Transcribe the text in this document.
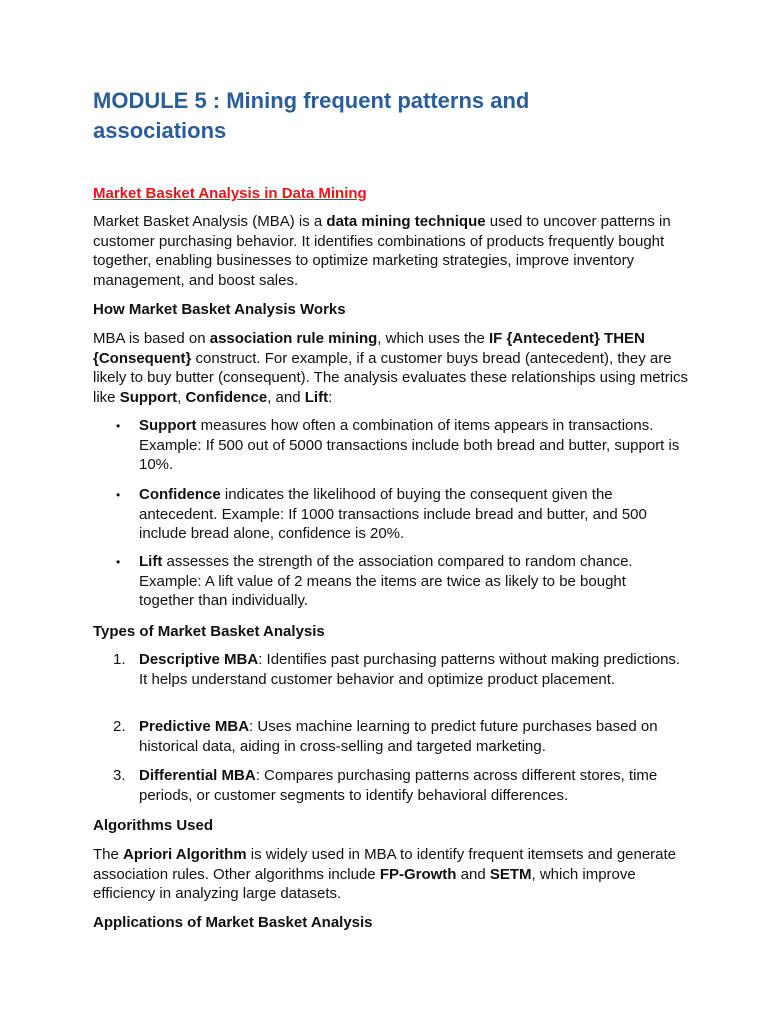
MODULE 5 : Mining frequent patterns and associations

Market Basket Analysis in Data Mining

Market Basket Analysis (MBA) is a data mining technique used to uncover patterns in customer purchasing behavior. It identifies combinations of products frequently bought together, enabling businesses to optimize marketing strategies, improve inventory management, and boost sales.

How Market Basket Analysis Works

MBA is based on association rule mining, which uses the IF {Antecedent} THEN {Consequent} construct. For example, if a customer buys bread (antecedent), they are likely to buy butter (consequent). The analysis evaluates these relationships using metrics like Support, Confidence, and Lift:

• Support measures how often a combination of items appears in transactions. Example: If 500 out of 5000 transactions include both bread and butter, support is 10%.

• Confidence indicates the likelihood of buying the consequent given the antecedent. Example: If 1000 transactions include bread and butter, and 500 include bread alone, confidence is 20%.

• Lift assesses the strength of the association compared to random chance. Example: A lift value of 2 means the items are twice as likely to be bought together than individually.

Types of Market Basket Analysis

1. Descriptive MBA: Identifies past purchasing patterns without making predictions. It helps understand customer behavior and optimize product placement.

2. Predictive MBA: Uses machine learning to predict future purchases based on historical data, aiding in cross-selling and targeted marketing.

3. Differential MBA: Compares purchasing patterns across different stores, time periods, or customer segments to identify behavioral differences.

Algorithms Used

The Apriori Algorithm is widely used in MBA to identify frequent itemsets and generate association rules. Other algorithms include FP-Growth and SETM, which improve efficiency in analyzing large datasets.

Applications of Market Basket Analysis
